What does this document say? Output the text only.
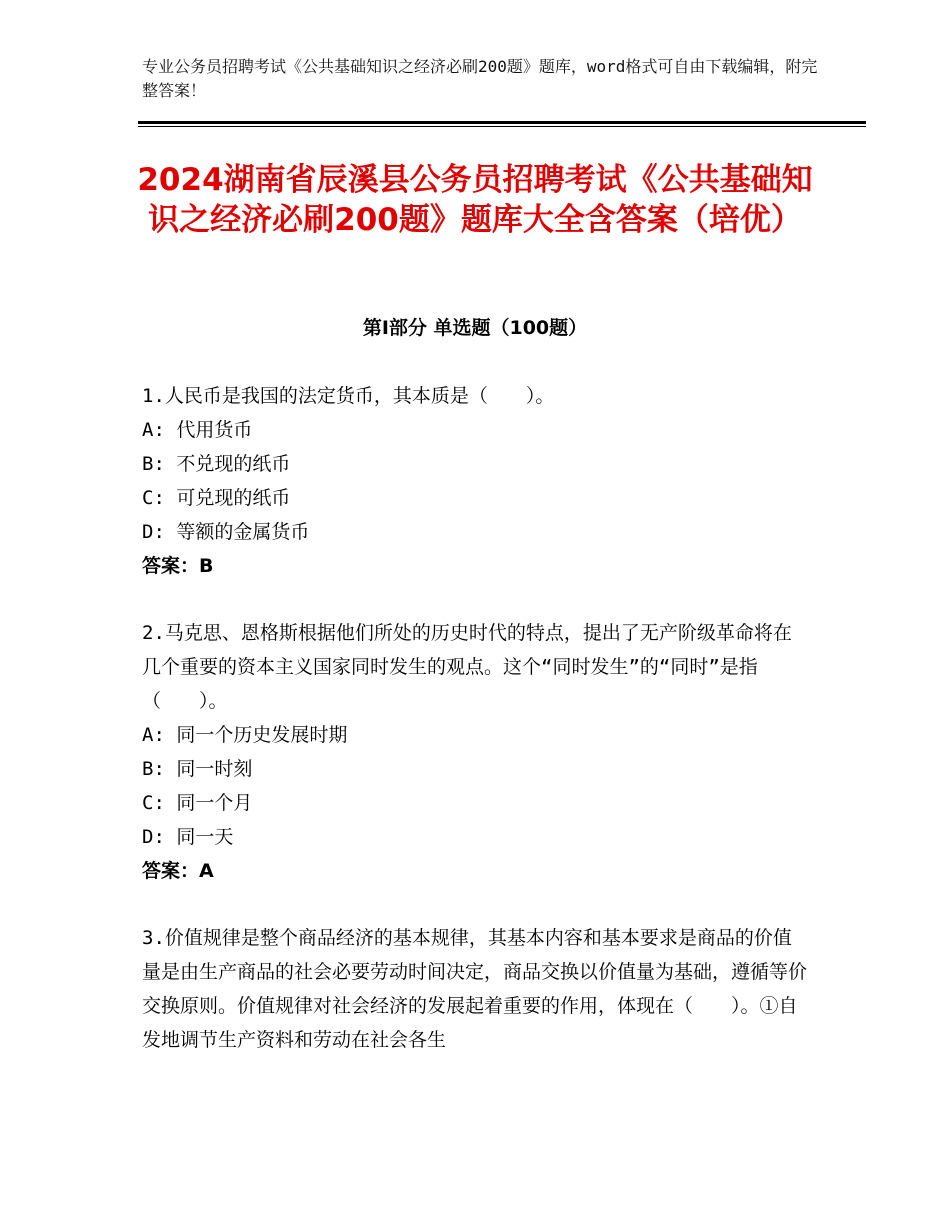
专业公务员招聘考试《公共基础知识之经济必刷200题》题库，word格式可自由下载编辑，附完整答案！
2024湖南省辰溪县公务员招聘考试《公共基础知识之经济必刷200题》题库大全含答案（培优）
第I部分 单选题（100题）

1.人民币是我国的法定货币，其本质是（　　）。

A: 代用货币

B: 不兑现的纸币

C: 可兑现的纸币

D: 等额的金属货币

答案：B

2.马克思、恩格斯根据他们所处的历史时代的特点，提出了无产阶级革命将在几个重要的资本主义国家同时发生的观点。这个“同时发生”的“同时”是指（　　）。

A: 同一个历史发展时期

B: 同一时刻

C: 同一个月

D: 同一天

答案：A

3.价值规律是整个商品经济的基本规律，其基本内容和基本要求是商品的价值量是由生产商品的社会必要劳动时间决定，商品交换以价值量为基础，遵循等价交换原则。价值规律对社会经济的发展起着重要的作用，体现在（　　）。①自发地调节生产资料和劳动在社会各生
